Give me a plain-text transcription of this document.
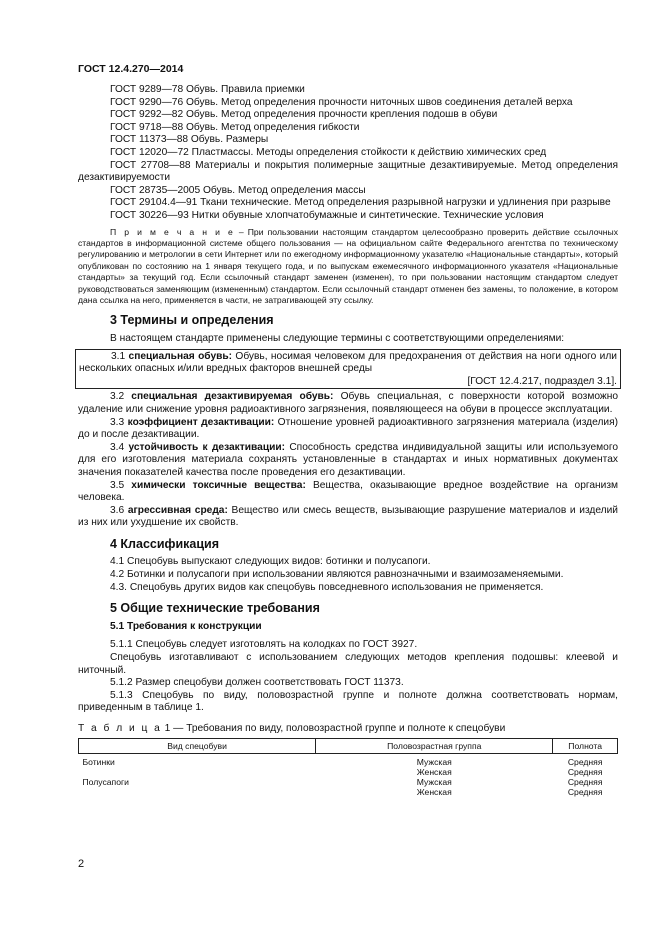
ГОСТ 12.4.270—2014

ГОСТ 9289—78 Обувь. Правила приемки

ГОСТ 9290—76 Обувь. Метод определения прочности ниточных швов соединения деталей верха

ГОСТ 9292—82 Обувь. Метод определения прочности крепления подошв в обуви

ГОСТ 9718—88 Обувь. Метод определения гибкости

ГОСТ 11373—88 Обувь. Размеры

ГОСТ 12020—72 Пластмассы. Методы определения стойкости к действию химических сред

ГОСТ 27708—88 Материалы и покрытия полимерные защитные дезактивируемые. Метод определения дезактивируемости

ГОСТ 28735—2005 Обувь. Метод определения массы

ГОСТ 29104.4—91 Ткани технические. Метод определения разрывной нагрузки и удлинения при разрыве

ГОСТ 30226—93 Нитки обувные хлопчатобумажные и синтетические. Технические условия

П р и м е ч а н и е – При пользовании настоящим стандартом целесообразно проверить действие ссылочных стандартов в информационной системе общего пользования — на официальном сайте Федерального агентства по техническому регулированию и метрологии в сети Интернет или по ежегодному информационному указателю «Национальные стандарты», который опубликован по состоянию на 1 января текущего года, и по выпускам ежемесячного информационного указателя «Национальные стандарты» за текущий год. Если ссылочный стандарт заменен (изменен), то при пользовании настоящим стандартом следует руководствоваться заменяющим (измененным) стандартом. Если ссылочный стандарт отменен без замены, то положение, в котором дана ссылка на него, применяется в части, не затрагивающей эту ссылку.

3 Термины и определения

В настоящем стандарте применены следующие термины с соответствующими определениями:

3.1 специальная обувь: Обувь, носимая человеком для предохранения от действия на ноги одного или нескольких опасных и/или вредных факторов внешней среды

[ГОСТ 12.4.217, подраздел 3.1].

3.2 специальная дезактивируемая обувь: Обувь специальная, с поверхности которой возможно удаление или снижение уровня радиоактивного загрязнения, появляющееся на обуви в процессе эксплуатации.

3.3 коэффициент дезактивации: Отношение уровней радиоактивного загрязнения материала (изделия) до и после дезактивации.

3.4 устойчивость к дезактивации: Способность средства индивидуальной защиты или используемого для его изготовления материала сохранять установленные в стандартах и иных нормативных документах значения показателей качества после проведения его дезактивации.

3.5 химически токсичные вещества: Вещества, оказывающие вредное воздействие на организм человека.

3.6 агрессивная среда: Вещество или смесь веществ, вызывающие разрушение материалов и изделий из них или ухудшение их свойств.

4 Классификация

4.1 Спецобувь выпускают следующих видов: ботинки и полусапоги.

4.2 Ботинки и полусапоги при использовании являются равнозначными и взаимозаменяемыми.

4.3. Спецобувь других видов как спецобувь повседневного использования не применяется.

5 Общие технические требования
5.1 Требования к конструкции

5.1.1 Спецобувь следует изготовлять на колодках по ГОСТ 3927.

Спецобувь изготавливают с использованием следующих методов крепления подошвы: клеевой и ниточный.

5.1.2 Размер спецобуви должен соответствовать ГОСТ 11373.

5.1.3 Спецобувь по виду, половозрастной группе и полноте должна соответствовать нормам, приведенным в таблице 1.

Т а б л и ц а 1 — Требования по виду, половозрастной группе и полноте к спецобуви

Вид спецобуви	Половозрастная группа	Полнота
Ботинки	Мужская	Средняя
	Женская	Средняя
Полусапоги	Мужская	Средняя
	Женская	Средняя
2
